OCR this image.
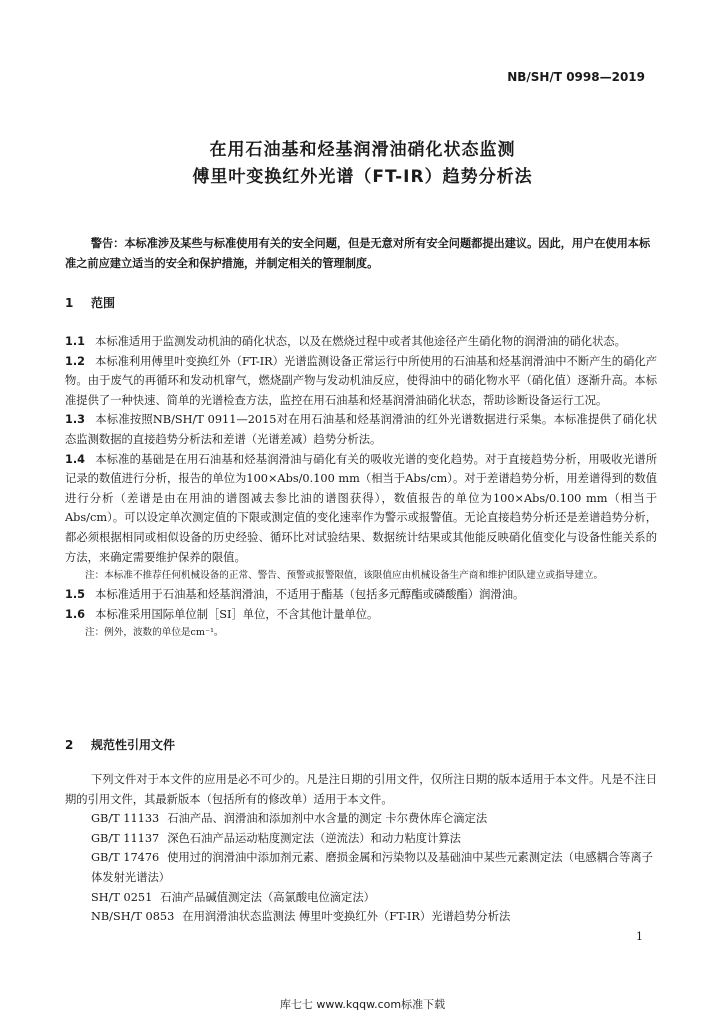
NB/SH/T 0998—2019
在用石油基和烃基润滑油硝化状态监测
傅里叶变换红外光谱（FT-IR）趋势分析法

警告：本标准涉及某些与标准使用有关的安全问题，但是无意对所有安全问题都提出建议。因此，用户在使用本标准之前应建立适当的安全和保护措施，并制定相关的管理制度。

1 范围

1.1 本标准适用于监测发动机油的硝化状态，以及在燃烧过程中或者其他途径产生硝化物的润滑油的硝化状态。

1.2 本标准利用傅里叶变换红外（FT-IR）光谱监测设备正常运行中所使用的石油基和烃基润滑油中不断产生的硝化产物。由于废气的再循环和发动机窜气，燃烧副产物与发动机油反应，使得油中的硝化物水平（硝化值）逐渐升高。本标准提供了一种快速、简单的光谱检查方法，监控在用石油基和烃基润滑油硝化状态，帮助诊断设备运行工况。

1.3 本标准按照NB/SH/T 0911—2015对在用石油基和烃基润滑油的红外光谱数据进行采集。本标准提供了硝化状态监测数据的直接趋势分析法和差谱（光谱差减）趋势分析法。

1.4 本标准的基础是在用石油基和烃基润滑油与硝化有关的吸收光谱的变化趋势。对于直接趋势分析，用吸收光谱所记录的数值进行分析，报告的单位为100×Abs/0.100 mm（相当于Abs/cm）。对于差谱趋势分析，用差谱得到的数值进行分析（差谱是由在用油的谱图减去参比油的谱图获得），数值报告的单位为100×Abs/0.100 mm（相当于Abs/cm）。可以设定单次测定值的下限或测定值的变化速率作为警示或报警值。无论直接趋势分析还是差谱趋势分析，都必须根据相同或相似设备的历史经验、循环比对试验结果、数据统计结果或其他能反映硝化值变化与设备性能关系的方法，来确定需要维护保养的限值。

注：本标准不推荐任何机械设备的正常、警告、预警或报警限值，该限值应由机械设备生产商和维护团队建立或指导建立。

1.5 本标准适用于石油基和烃基润滑油，不适用于酯基（包括多元醇酯或磷酸酯）润滑油。

1.6 本标准采用国际单位制［SI］单位，不含其他计量单位。

注：例外，波数的单位是cm⁻¹。

2 规范性引用文件

下列文件对于本文件的应用是必不可少的。凡是注日期的引用文件，仅所注日期的版本适用于本文件。凡是不注日期的引用文件，其最新版本（包括所有的修改单）适用于本文件。

GB/T 11133 石油产品、润滑油和添加剂中水含量的测定 卡尔费休库仑滴定法

GB/T 11137 深色石油产品运动粘度测定法（逆流法）和动力粘度计算法

GB/T 17476 使用过的润滑油中添加剂元素、磨损金属和污染物以及基础油中某些元素测定法（电感耦合等离子体发射光谱法）

SH/T 0251 石油产品碱值测定法（高氯酸电位滴定法）

NB/SH/T 0853 在用润滑油状态监测法 傅里叶变换红外（FT-IR）光谱趋势分析法

1
库七七 www.kqqw.com标准下载
